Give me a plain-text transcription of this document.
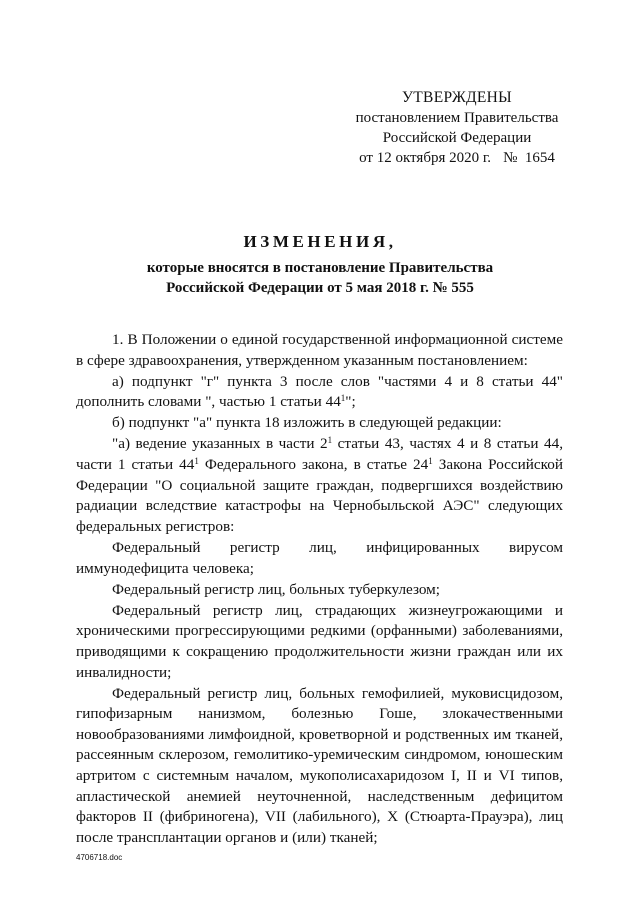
УТВЕРЖДЕНЫ
постановлением Правительства
Российской Федерации
от 12 октября 2020 г. № 1654
ИЗМЕНЕНИЯ,
которые вносятся в постановление Правительства
Российской Федерации от 5 мая 2018 г. № 555

1. В Положении о единой государственной информационной системе в сфере здравоохранения, утвержденном указанным постановлением:

а) подпункт "г" пункта 3 после слов "частями 4 и 8 статьи 44" дополнить словами ", частью 1 статьи $44^1$";

б) подпункт "а" пункта 18 изложить в следующей редакции:

"а) ведение указанных в части $2^1$ статьи 43, частях 4 и 8 статьи 44, части 1 статьи $44^1$ Федерального закона, в статье $24^1$ Закона Российской Федерации "О социальной защите граждан, подвергшихся воздействию радиации вследствие катастрофы на Чернобыльской АЭС" следующих федеральных регистров:

Федеральный регистр лиц, инфицированных вирусом иммунодефицита человека;

Федеральный регистр лиц, больных туберкулезом;

Федеральный регистр лиц, страдающих жизнеугрожающими и хроническими прогрессирующими редкими (орфанными) заболеваниями, приводящими к сокращению продолжительности жизни граждан или их инвалидности;

Федеральный регистр лиц, больных гемофилией, муковисцидозом, гипофизарным нанизмом, болезнью Гоше, злокачественными новообразованиями лимфоидной, кроветворной и родственных им тканей, рассеянным склерозом, гемолитико-уремическим синдромом, юношеским артритом с системным началом, мукополисахаридозом I, II и VI типов, апластической анемией неуточненной, наследственным дефицитом факторов II (фибриногена), VII (лабильного), X (Стюарта-Прауэра), лиц после трансплантации органов и (или) тканей;

4706718.doc
